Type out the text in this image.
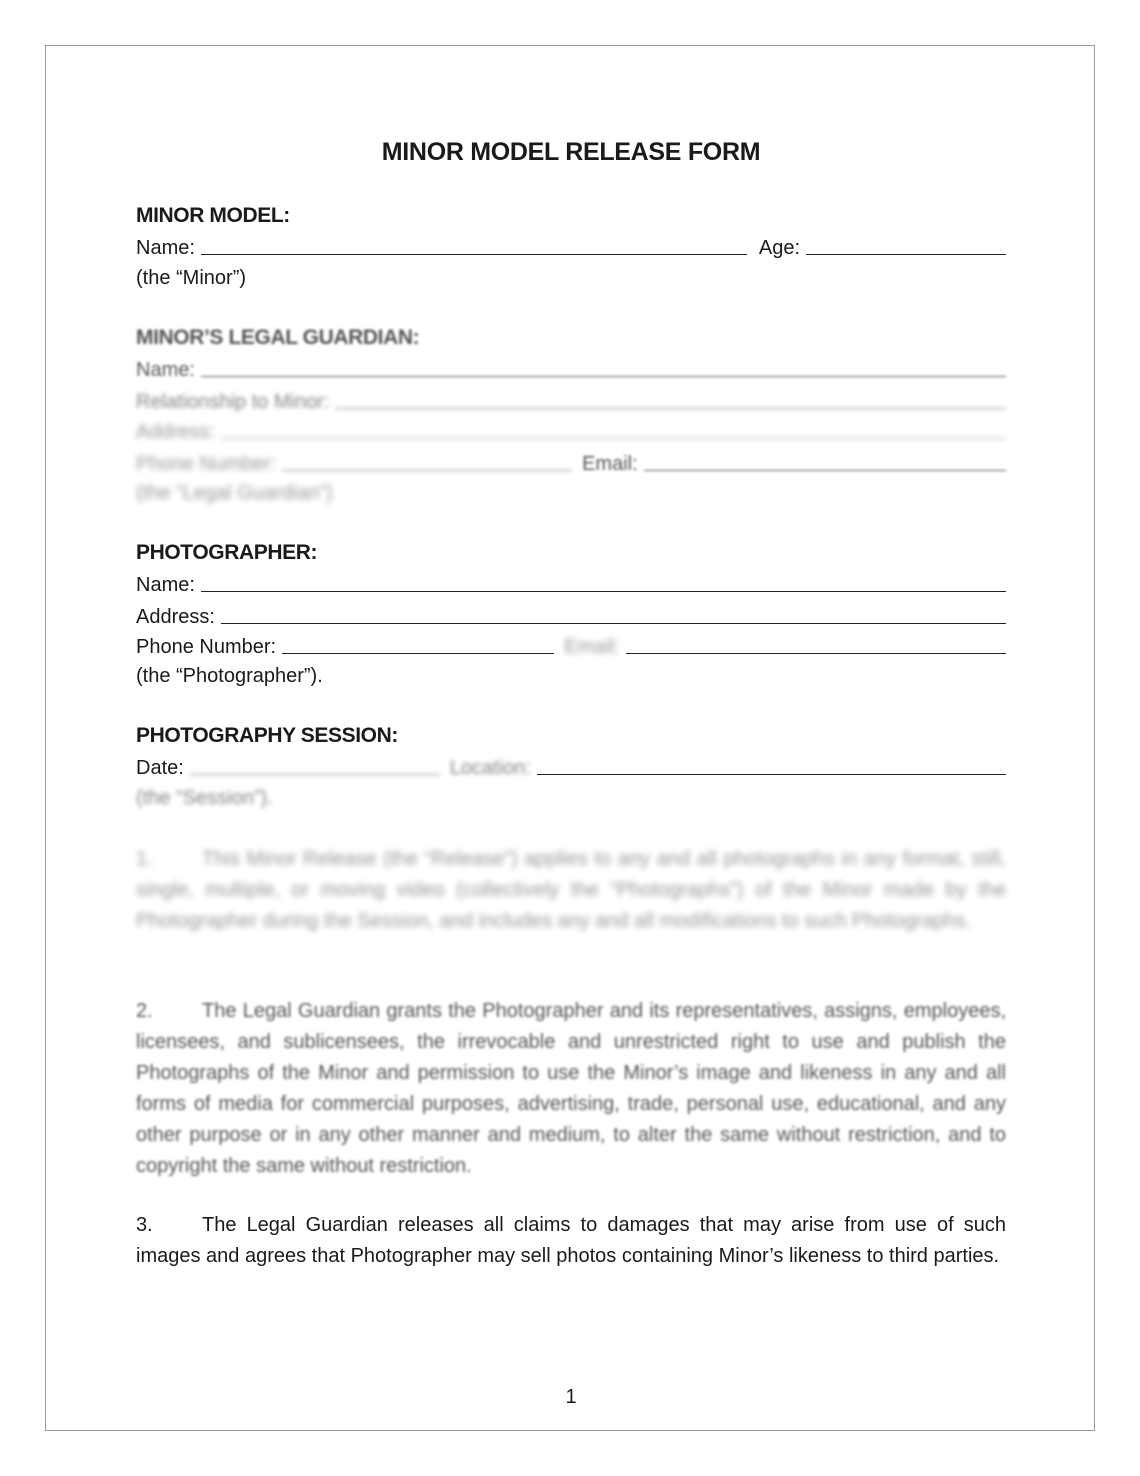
MINOR MODEL RELEASE FORM
MINOR MODEL:
Name:	Age:
(the “Minor”)
MINOR’S LEGAL GUARDIAN:
Name:
Relationship to Minor:
Address:
Phone Number:	Email:
(the “Legal Guardian”)
PHOTOGRAPHER:
Name:
Address:
Phone Number:	Email:
(the “Photographer”).
PHOTOGRAPHY SESSION:
Date:	Location:
(the “Session”).
1. This Minor Release (the “Release”) applies to any and all photographs in any format, still, single, multiple, or moving video (collectively the “Photographs”) of the Minor made by the Photographer during the Session, and includes any and all modifications to such Photographs.
2. The Legal Guardian grants the Photographer and its representatives, assigns, employees, licensees, and sublicensees, the irrevocable and unrestricted right to use and publish the Photographs of the Minor and permission to use the Minor’s image and likeness in any and all forms of media for commercial purposes, advertising, trade, personal use, educational, and any other purpose or in any other manner and medium, to alter the same without restriction, and to copyright the same without restriction.
3. The Legal Guardian releases all claims to damages that may arise from use of such images and agrees that Photographer may sell photos containing Minor’s likeness to third parties.
1
